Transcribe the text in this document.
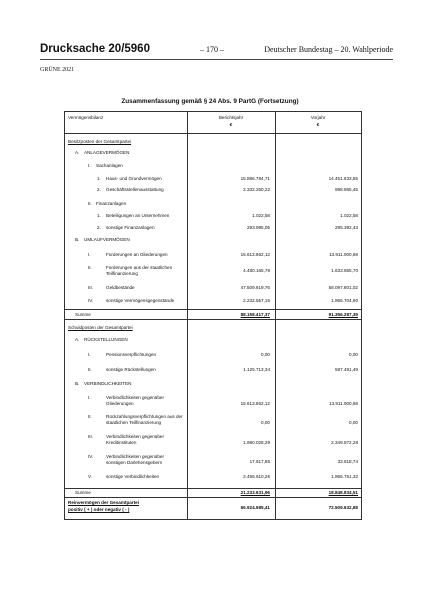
Drucksache 20/5960	– 170 –	Deutscher Bundestag – 20. Wahlperiode
GRÜNE 2021
Zusammenfassung gemäß § 24 Abs. 9 PartG (Fortsetzung)
Vermögensbilanz	Berichtsjahr
€
Vorjahr
€
Besitzposten der Gesamtpartei
A. ANLAGEVERMÖGEN
I. Sachanlagen
1. Haus- und Grundvermögen	15.886.784,71	14.451.633,55
2. Geschäftsstellenausstattung	2.332.260,22	998.865,45
II. Finanzanlagen
1. Beteiligungen an Unternehmen	1.022,58	1.022,58
2. sonstige Finanzanlagen	293.995,05	295.392,43
B. UMLAUFVERMÖGEN
I.	Forderungen an Gliederungen	15.613.662,12	13.911.900,68
II.	Forderungen aus der staatlichen
Teilfinanzierung
4.480.165,78	1.633.855,70
III.	Geldbestände	47.509.919,76	58.097.801,02
IV.	sonstige Vermögensgegenstände	2.232.557,15	1.965.704,90
Summe	88.158.417,37	91.356.287,39
Schuldposten der Gesamtpartei
A. RÜCKSTELLUNGEN
I.	Pensionsverpflichtungen	0,00	0,00
II.	sonstige Rückstellungen	1.125.713,34	587.491,49
B. VERBINDLICHKEITEN
I.	Verbindlichkeiten gegenüber
Gliederungen	15.613.662,12	13.911.900,68
II.	Rückzahlungsverpflichtungen aus der
staatlichen Teilfinanzierung	0,00	0,00
III.	Verbindlichkeiten gegenüber
Kreditinstituten	1.980.028,29	2.349.872,28
IV.	Verbindlichkeiten gegenüber
sonstigen Darlehensgebern	17.617,85	33.818,74
V.	sonstige Verbindlichkeiten	2.496.610,26	1.965.751,32
Summe	21.233.631,96	18.848.834,51
Reinvermögen der Gesamtpartei
positiv ( + ) oder negativ ( - )	66.924.585,41	72.509.632,88
